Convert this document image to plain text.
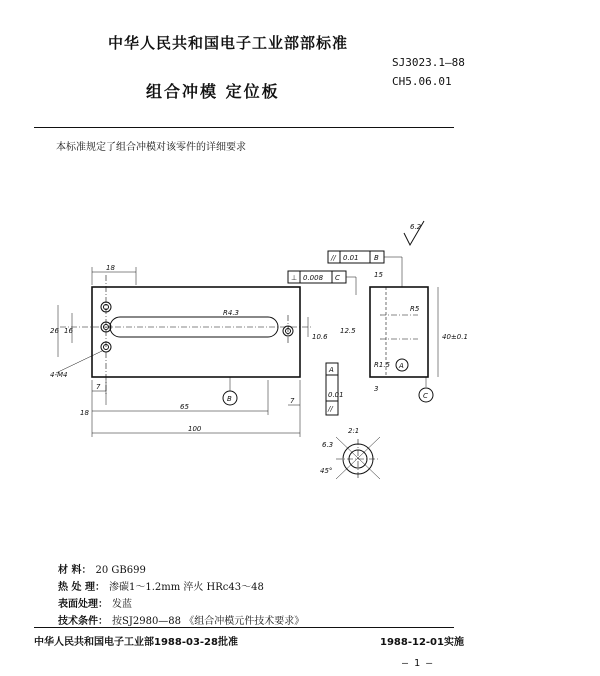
中华人民共和国电子工业部部标准
SJ3023.1—88
组合冲模 定位板
CH5.06.01
本标准规定了组合冲模对该零件的详细要求
18
26 16
4-M4
R4.3
10.6
B
7
18
65
100
7
// 0.01 B
⊥ 0.008 C
//
0.01
A
15
12.5
40±0.1
R1.5
3
R5
A
C
6.2
2:1
6.3
45°
材 料： 20 GB699
热 处 理： 渗碳1～1.2mm 淬火 HRc43～48
表面处理： 发蓝
技术条件： 按SJ2980—88 《组合冲模元件技术要求》
中华人民共和国电子工业部1988-03-28批准	1988-12-01实施
— 1 —
